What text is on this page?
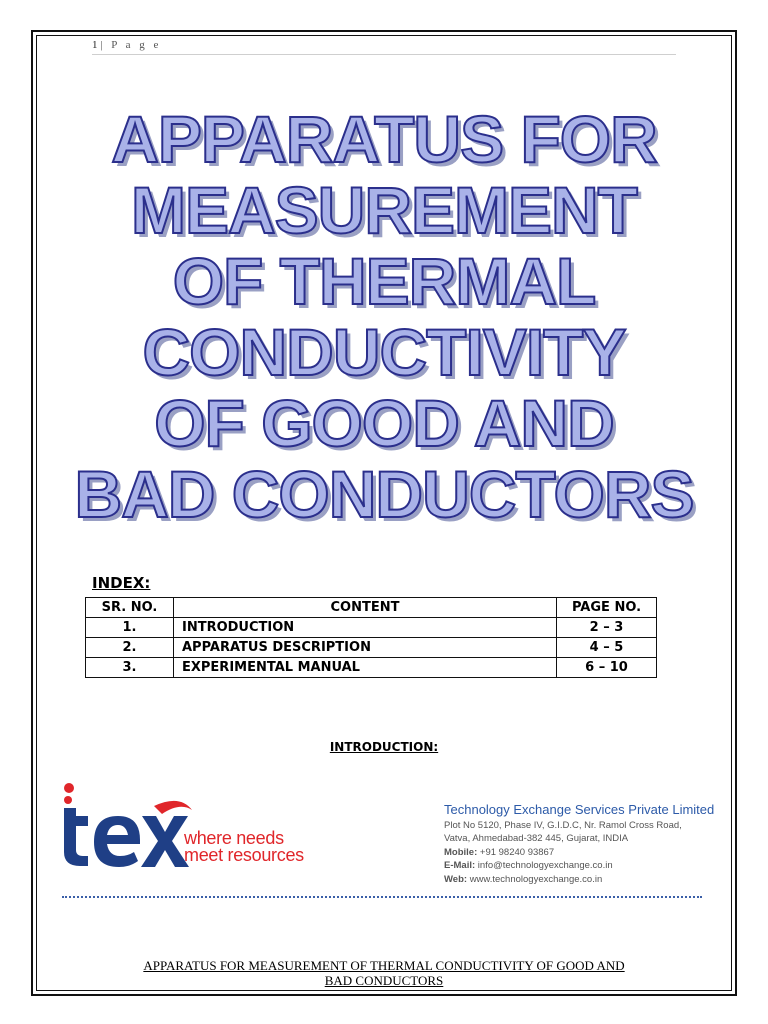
1 | P a g e
APPARATUS FOR
MEASUREMENT
OF THERMAL
CONDUCTIVITY
OF GOOD AND
BAD CONDUCTORS
INDEX:
SR. NO.	CONTENT	PAGE NO.
1.	INTRODUCTION	2 – 3
2.	APPARATUS DESCRIPTION	4 – 5
3.	EXPERIMENTAL MANUAL	6 – 10
INTRODUCTION:
tex
where needs
meet resources
Technology Exchange Services Private Limited
Plot No 5120, Phase IV, G.I.D.C, Nr. Ramol Cross Road,
Vatva, Ahmedabad-382 445, Gujarat, INDIA
Mobile: +91 98240 93867
E-Mail: info@technologyexchange.co.in
Web: www.technologyexchange.co.in
APPARATUS FOR MEASUREMENT OF THERMAL CONDUCTIVITY OF GOOD AND
BAD CONDUCTORS
